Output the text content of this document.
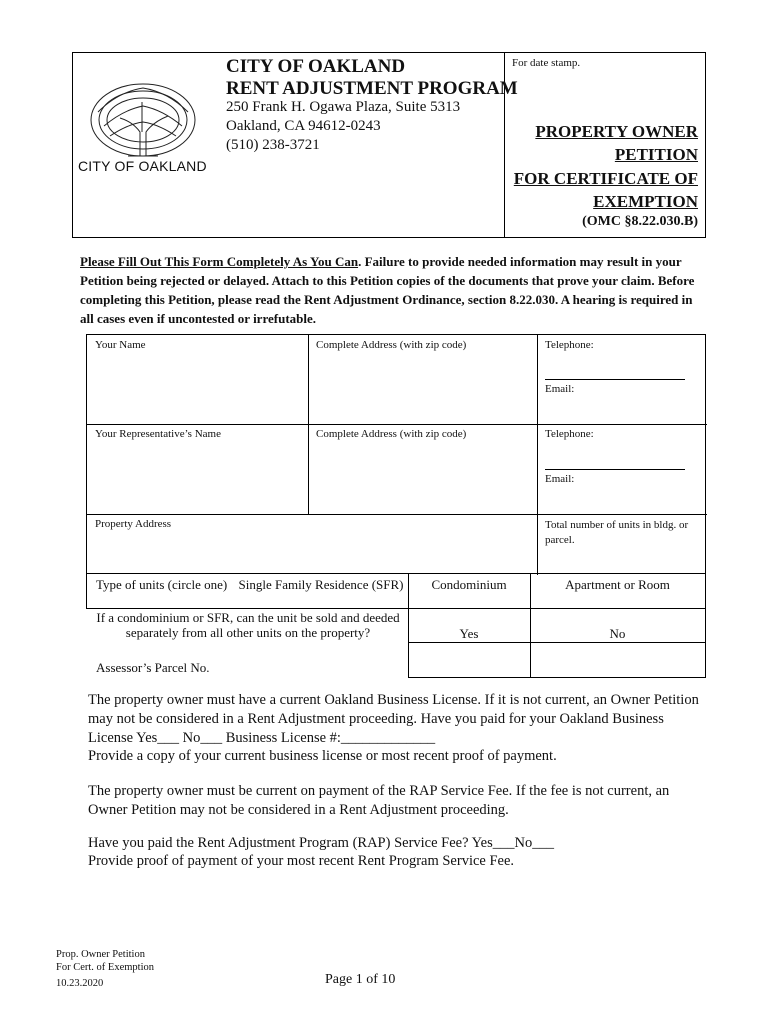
CITY OF OAKLAND
CITY OF OAKLAND
RENT ADJUSTMENT PROGRAM
250 Frank H. Ogawa Plaza, Suite 5313
Oakland, CA 94612-0243
(510) 238-3721
For date stamp.
PROPERTY OWNER
PETITION
FOR CERTIFICATE OF
EXEMPTION
(OMC §8.22.030.B)
Please Fill Out This Form Completely As You Can. Failure to provide needed information may result in your Petition being rejected or delayed. Attach to this Petition copies of the documents that prove your claim. Before completing this Petition, please read the Rent Adjustment Ordinance, section 8.22.030. A hearing is required in all cases even if uncontested or irrefutable.
Your Name	Complete Address (with zip code)	Telephone:
Email:
Your Representative’s Name	Complete Address (with zip code)	Telephone:
Email:
Property Address	Total number of units in bldg. or parcel.
Type of units (circle one) Single Family Residence (SFR)	Condominium	Apartment or Room
If a condominium or SFR, can the unit be sold and deeded separately from all other units on the property?	Yes	No
Assessor’s Parcel No.
The property owner must have a current Oakland Business License. If it is not current, an Owner Petition may not be considered in a Rent Adjustment proceeding. Have you paid for your Oakland Business License Yes___ No___ Business License #:_____________
Provide a copy of your current business license or most recent proof of payment.
The property owner must be current on payment of the RAP Service Fee. If the fee is not current, an Owner Petition may not be considered in a Rent Adjustment proceeding.
Have you paid the Rent Adjustment Program (RAP) Service Fee? Yes___No___
Provide proof of payment of your most recent Rent Program Service Fee.
Prop. Owner Petition
For Cert. of Exemption
10.23.2020	Page 1 of 10
